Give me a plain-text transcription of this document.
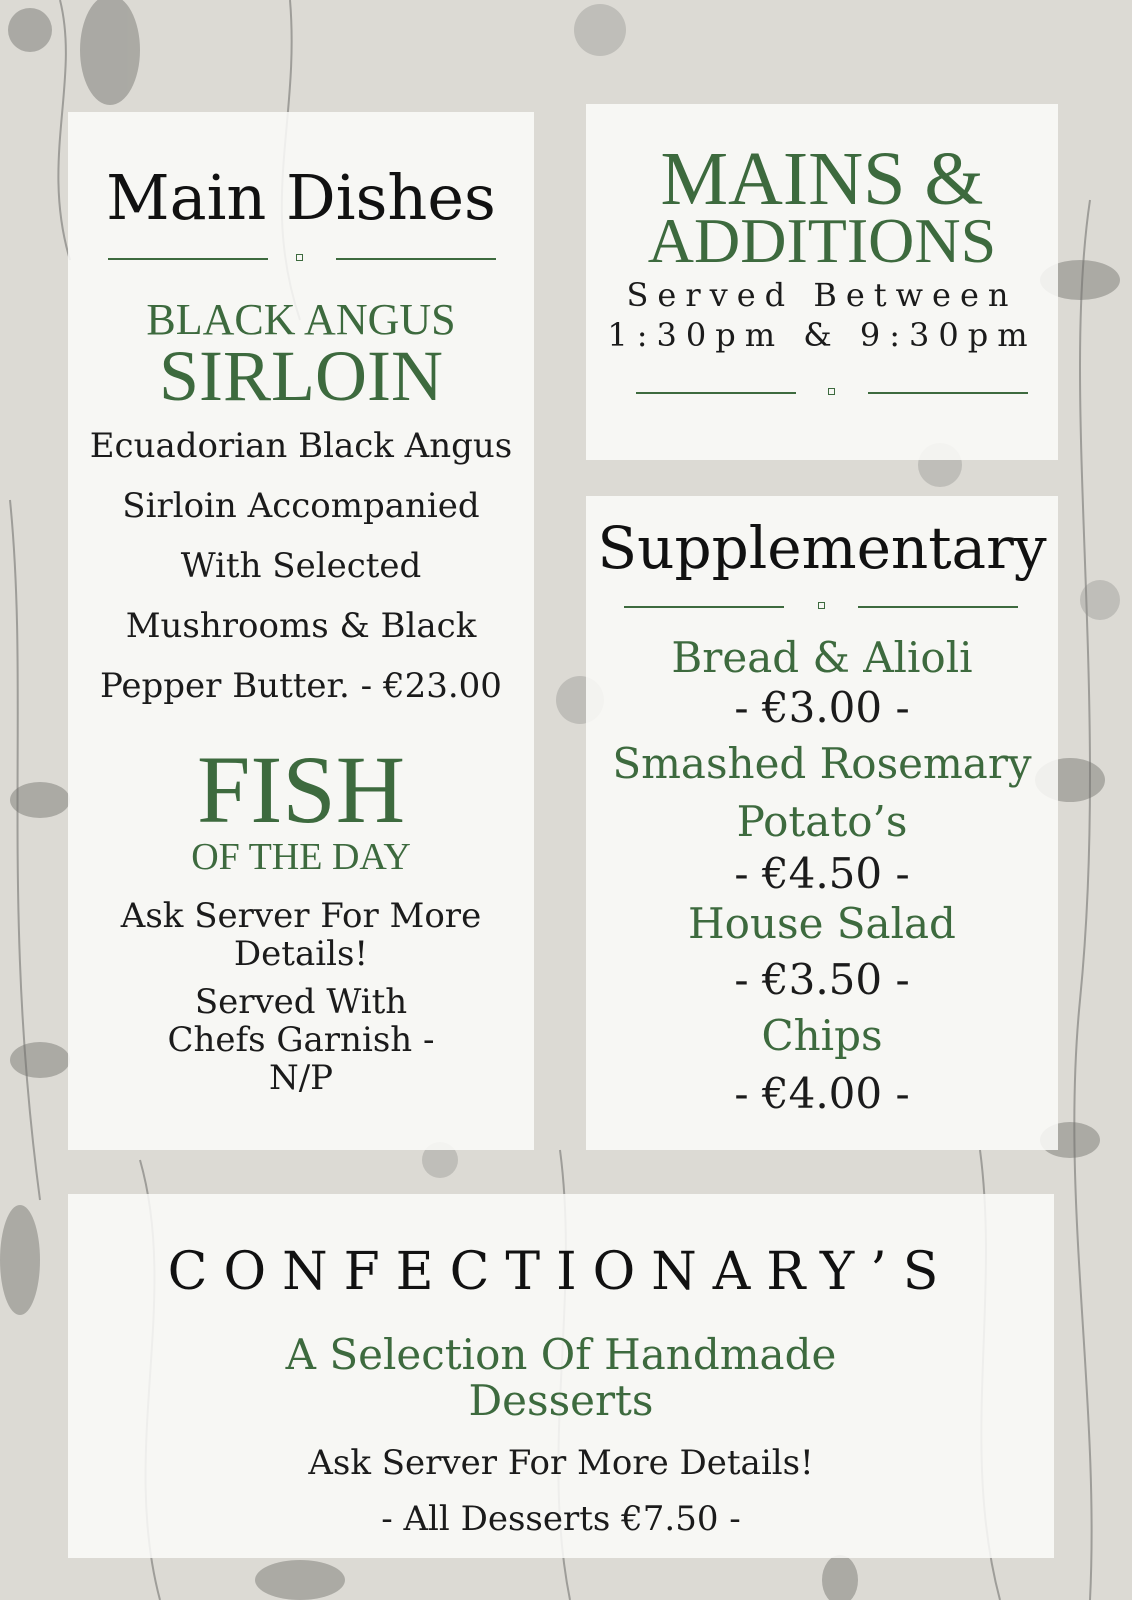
Main Dishes
BLACK ANGUS
SIRLOIN
Ecuadorian Black Angus
Sirloin Accompanied
With Selected
Mushrooms & Black
Pepper Butter. - €23.00
FISH
OF THE DAY
Ask Server For More
Details!
Served With
Chefs Garnish -
N/P
MAINS &
ADDITIONS
Served Between
1:30pm & 9:30pm
Supplementary
Bread & Alioli
- €3.00 -
Smashed Rosemary
Potato’s
- €4.50 -
House Salad
- €3.50 -
Chips
- €4.00 -
CONFECTIONARY’S
A Selection Of Handmade
Desserts
Ask Server For More Details!
- All Desserts €7.50 -
